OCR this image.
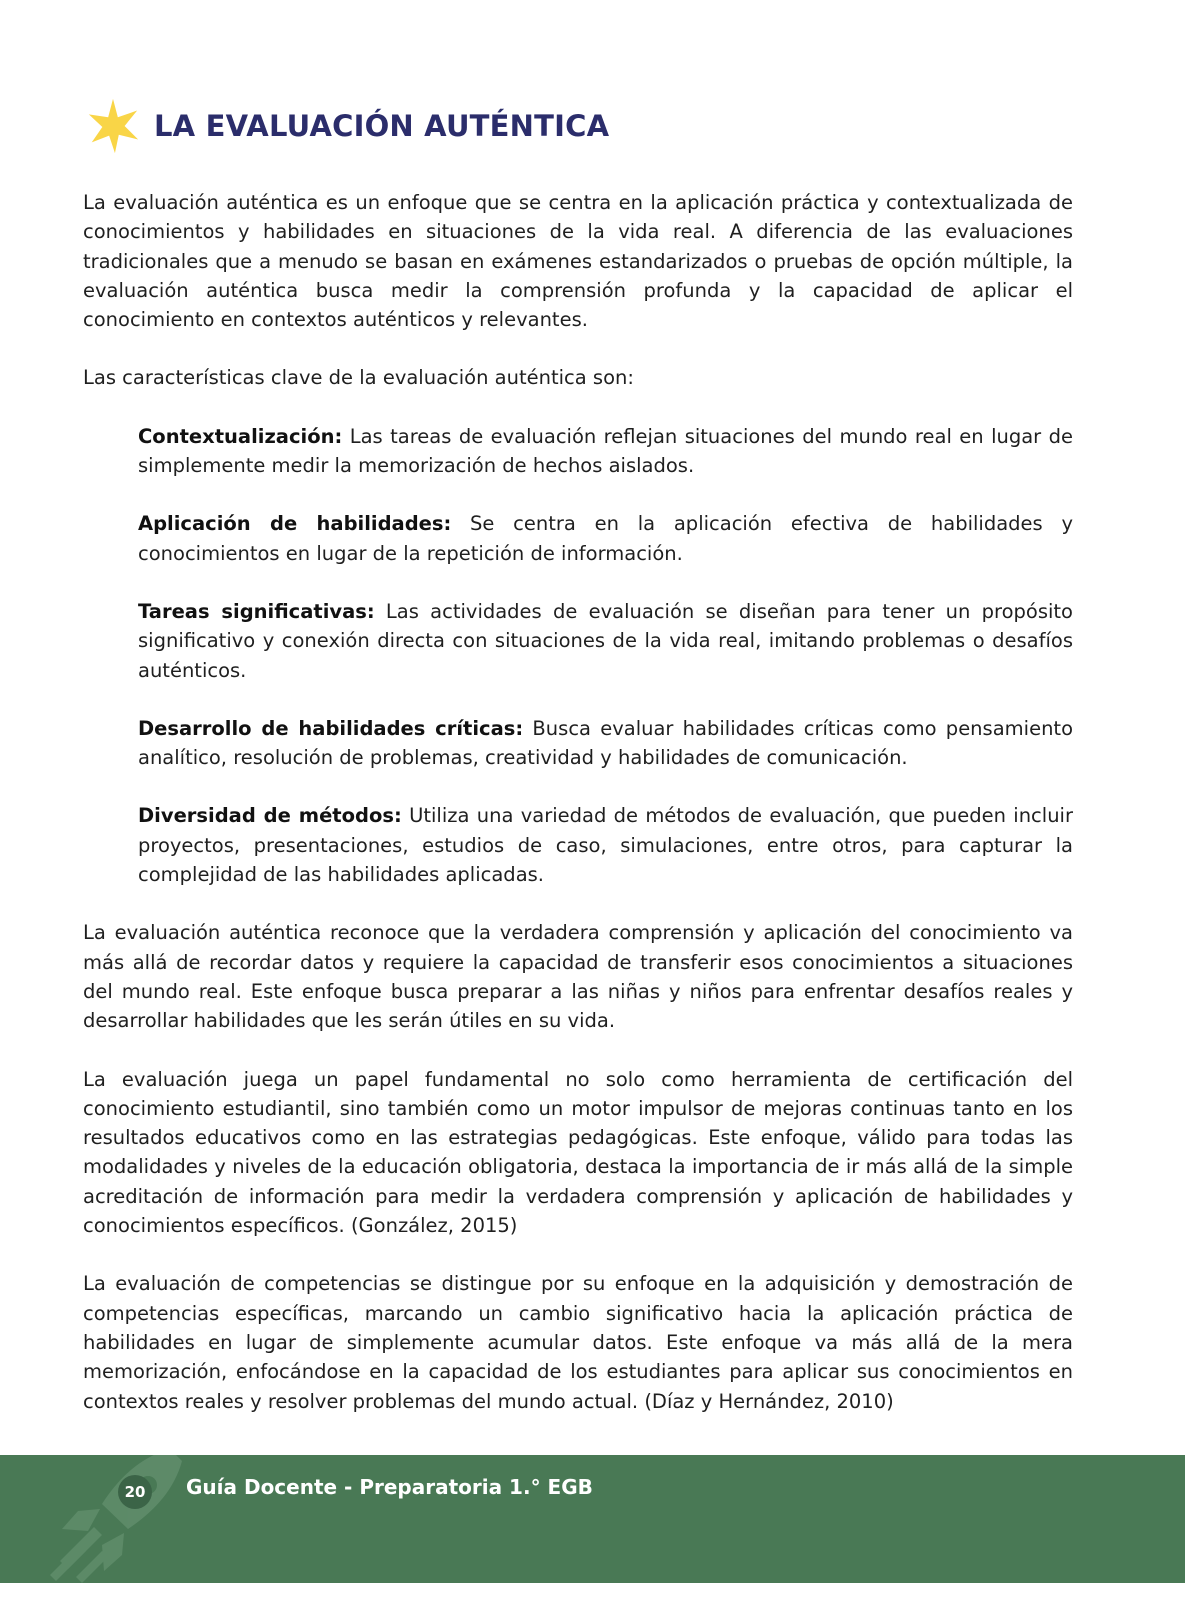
LA EVALUACIÓN AUTÉNTICA

La evaluación auténtica es un enfoque que se centra en la aplicación práctica y contextualizada de conocimientos y habilidades en situaciones de la vida real. A diferencia de las evaluaciones tradicionales que a menudo se basan en exámenes estandarizados o pruebas de opción múltiple, la evaluación auténtica busca medir la comprensión profunda y la capacidad de aplicar el conocimiento en contextos auténticos y relevantes.

Las características clave de la evaluación auténtica son:

Contextualización: Las tareas de evaluación reflejan situaciones del mundo real en lugar de simplemente medir la memorización de hechos aislados.

Aplicación de habilidades: Se centra en la aplicación efectiva de habilidades y conocimientos en lugar de la repetición de información.

Tareas significativas: Las actividades de evaluación se diseñan para tener un propósito significativo y conexión directa con situaciones de la vida real, imitando problemas o desafíos auténticos.

Desarrollo de habilidades críticas: Busca evaluar habilidades críticas como pensamiento analítico, resolución de problemas, creatividad y habilidades de comunicación.

Diversidad de métodos: Utiliza una variedad de métodos de evaluación, que pueden incluir proyectos, presentaciones, estudios de caso, simulaciones, entre otros, para capturar la complejidad de las habilidades aplicadas.

La evaluación auténtica reconoce que la verdadera comprensión y aplicación del conocimiento va más allá de recordar datos y requiere la capacidad de transferir esos conocimientos a situaciones del mundo real. Este enfoque busca preparar a las niñas y niños para enfrentar desafíos reales y desarrollar habilidades que les serán útiles en su vida.

La evaluación juega un papel fundamental no solo como herramienta de certificación del conocimiento estudiantil, sino también como un motor impulsor de mejoras continuas tanto en los resultados educativos como en las estrategias pedagógicas. Este enfoque, válido para todas las modalidades y niveles de la educación obligatoria, destaca la importancia de ir más allá de la simple acreditación de información para medir la verdadera comprensión y aplicación de habilidades y conocimientos específicos. (González, 2015)

La evaluación de competencias se distingue por su enfoque en la adquisición y demostración de competencias específicas, marcando un cambio significativo hacia la aplicación práctica de habilidades en lugar de simplemente acumular datos. Este enfoque va más allá de la mera memorización, enfocándose en la capacidad de los estudiantes para aplicar sus conocimientos en contextos reales y resolver problemas del mundo actual. (Díaz y Hernández, 2010)

20	Guía Docente - Preparatoria 1.° EGB
